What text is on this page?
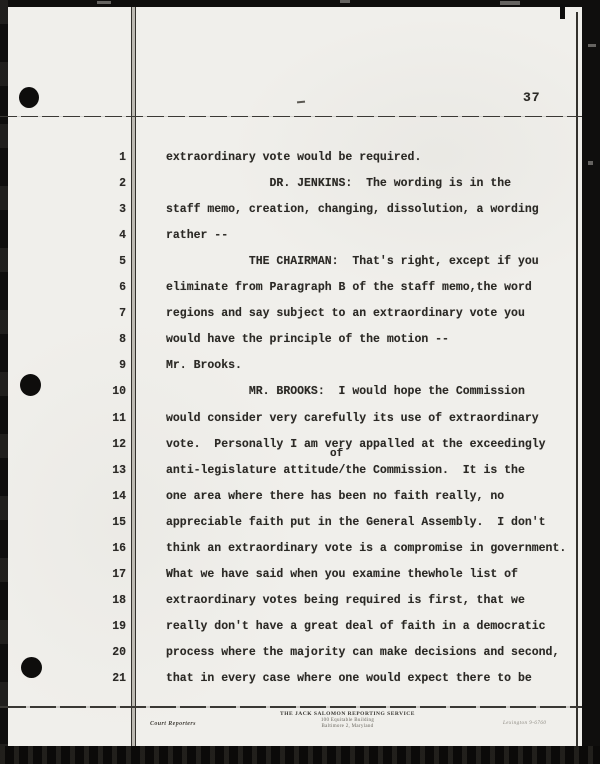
37
1	extraordinary vote would be required.
2	DR. JENKINS:  The wording is in the
3	staff memo, creation, changing, dissolution, a wording
4	rather --
5	THE CHAIRMAN:  That's right, except if you
6	eliminate from Paragraph B of the staff memo,the word
7	regions and say subject to an extraordinary vote you
8	would have the principle of the motion --
9	Mr. Brooks.
10	MR. BROOKS:  I would hope the Commission
11	would consider very carefully its use of extraordinary
12	vote.  Personally I am very appalled at the exceedingly
13	anti-legislature attitude/the Commission.  It is the
of
14	one area where there has been no faith really, no
15	appreciable faith put in the General Assembly.  I don't
16	think an extraordinary vote is a compromise in government.
17	What we have said when you examine thewhole list of
18	extraordinary votes being required is first, that we
19	really don't have a great deal of faith in a democratic
20	process where the majority can make decisions and second,
21	that in every case where one would expect there to be
Court Reporters
THE JACK SALOMON REPORTING SERVICE
100 Equitable Building
Baltimore 2, Maryland
Lexington 9-6760
